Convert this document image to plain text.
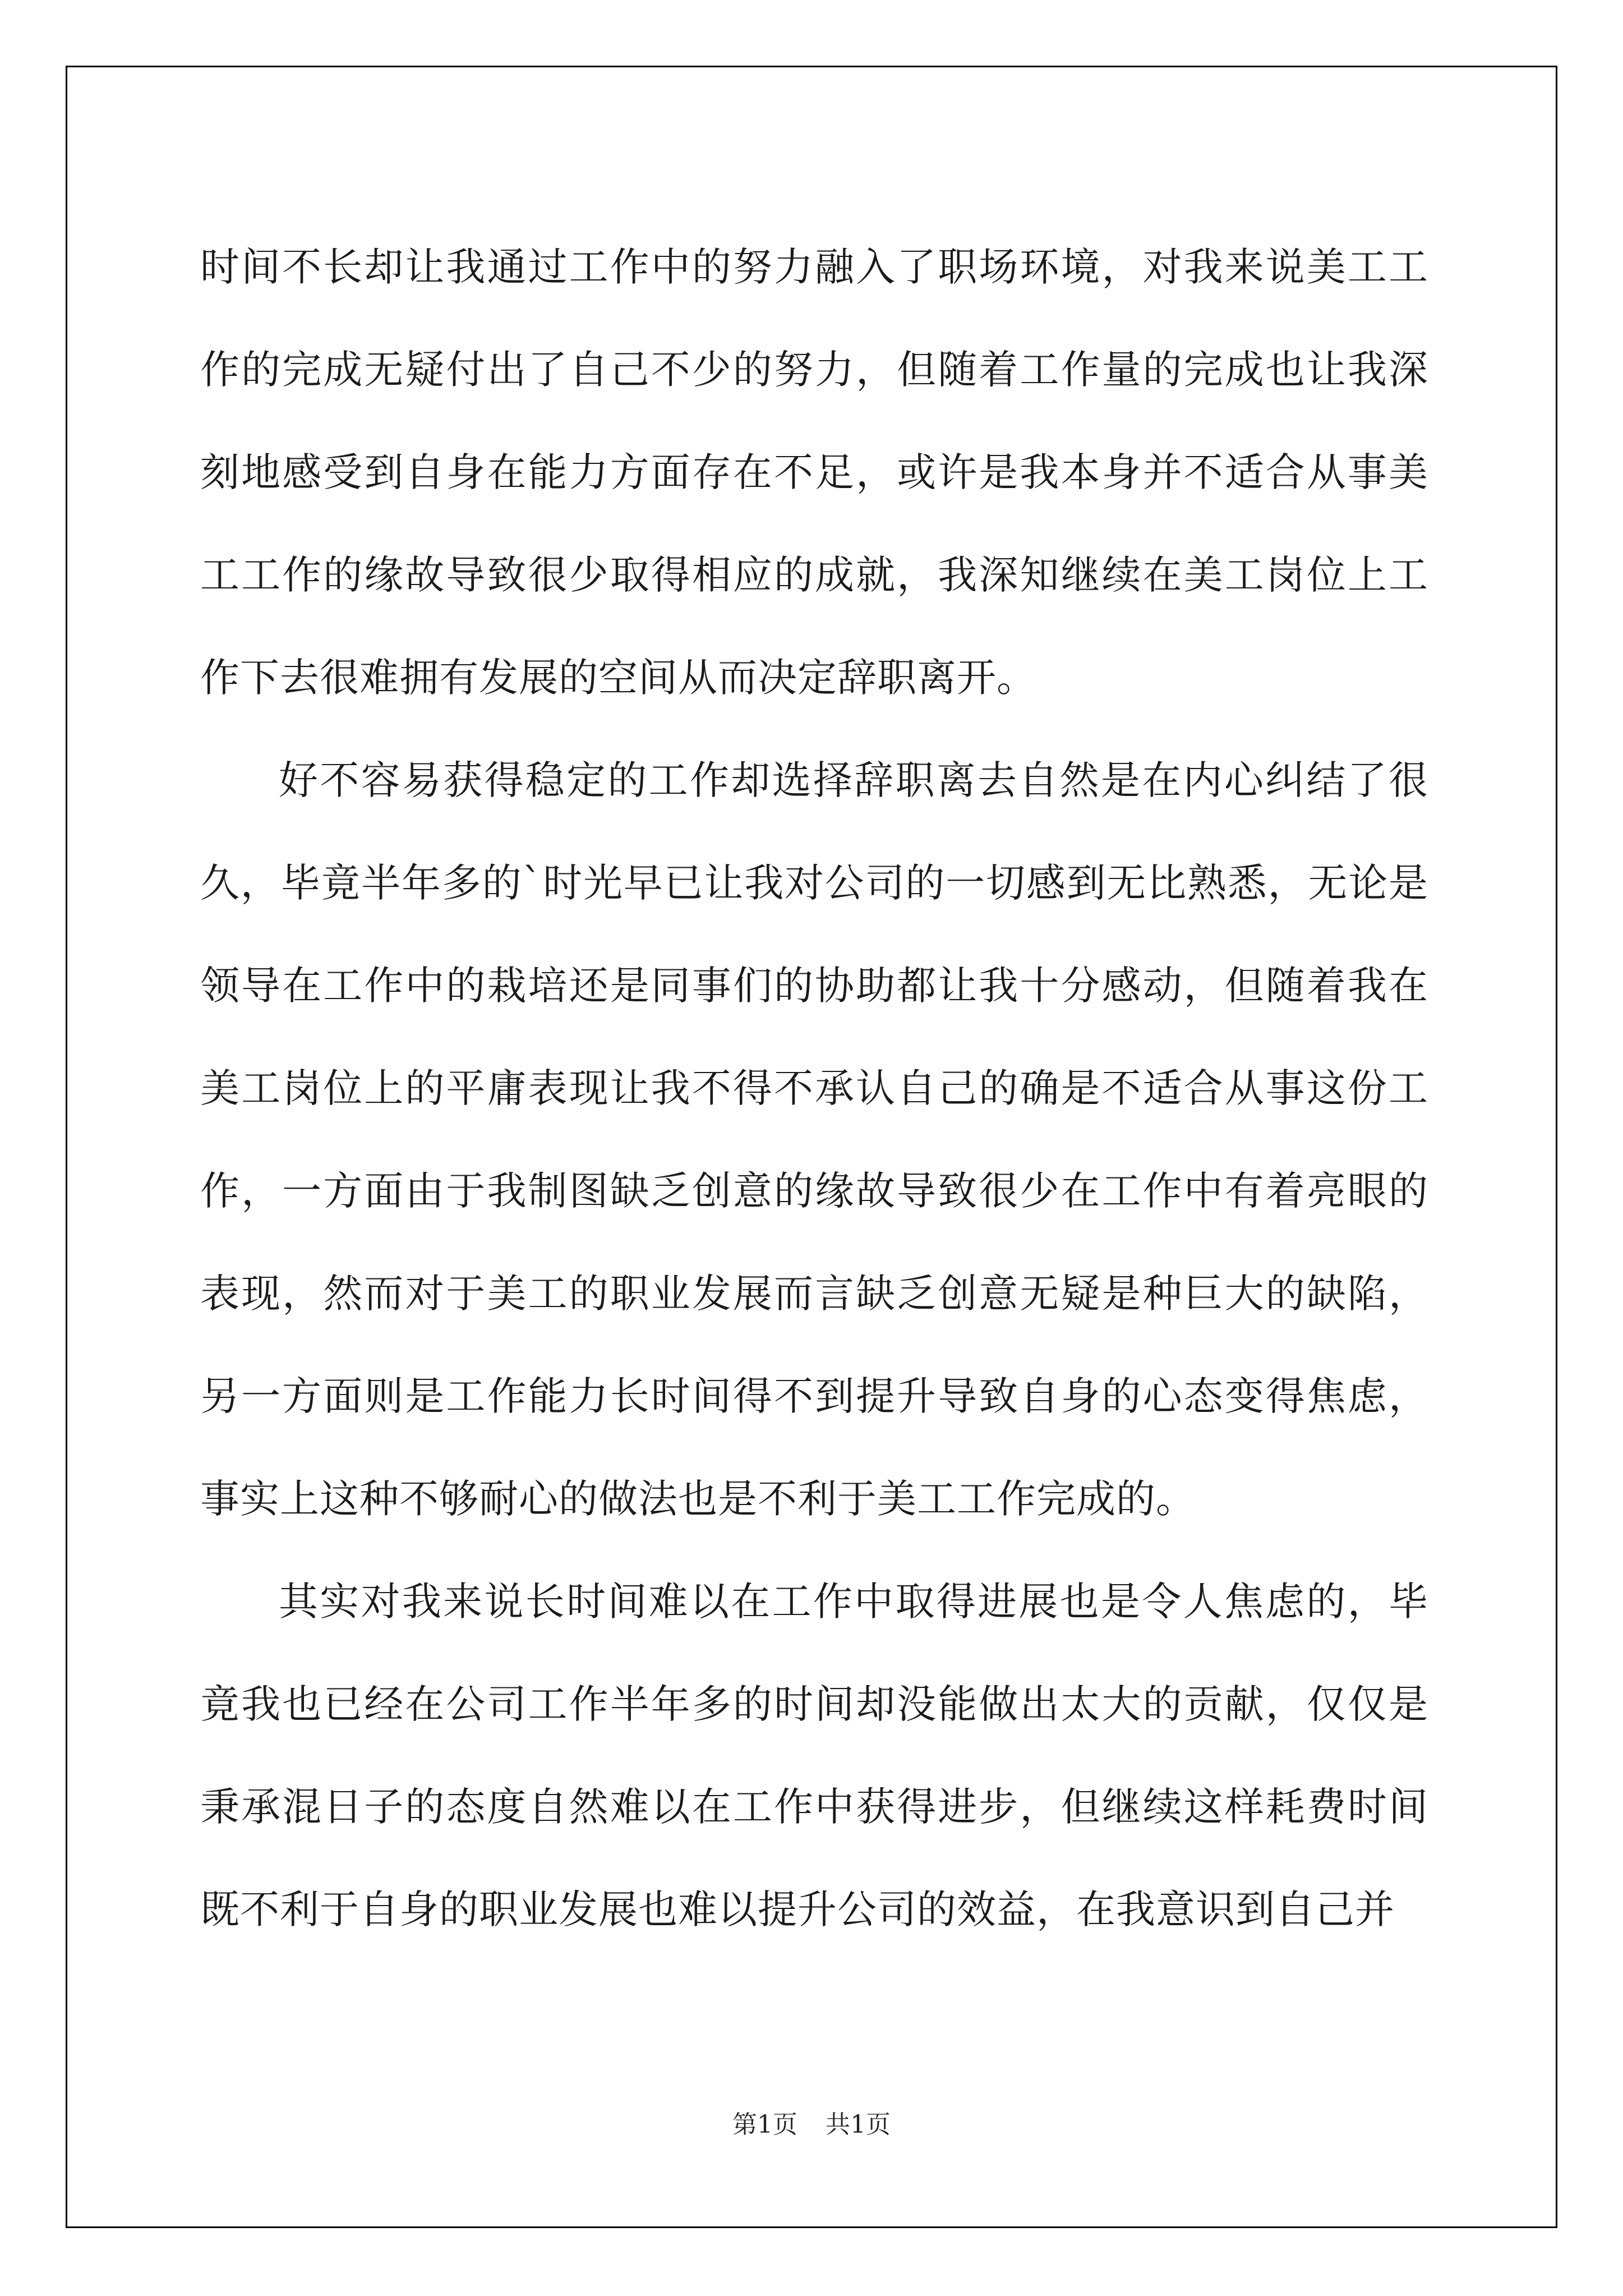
时间不长却让我通过工作中的努力融入了职场环境，对我来说美工工作的完成无疑付出了自己不少的努力，但随着工作量的完成也让我深刻地感受到自身在能力方面存在不足，或许是我本身并不适合从事美工工作的缘故导致很少取得相应的成就，我深知继续在美工岗位上工作下去很难拥有发展的空间从而决定辞职离开。

好不容易获得稳定的工作却选择辞职离去自然是在内心纠结了很久，毕竟半年多的`时光早已让我对公司的一切感到无比熟悉，无论是领导在工作中的栽培还是同事们的协助都让我十分感动，但随着我在美工岗位上的平庸表现让我不得不承认自己的确是不适合从事这份工作，一方面由于我制图缺乏创意的缘故导致很少在工作中有着亮眼的表现，然而对于美工的职业发展而言缺乏创意无疑是种巨大的缺陷，另一方面则是工作能力长时间得不到提升导致自身的心态变得焦虑，事实上这种不够耐心的做法也是不利于美工工作完成的。

其实对我来说长时间难以在工作中取得进展也是令人焦虑的，毕竟我也已经在公司工作半年多的时间却没能做出太大的贡献，仅仅是秉承混日子的态度自然难以在工作中获得进步，但继续这样耗费时间既不利于自身的职业发展也难以提升公司的效益，在我意识到自己并

第1页 共1页
